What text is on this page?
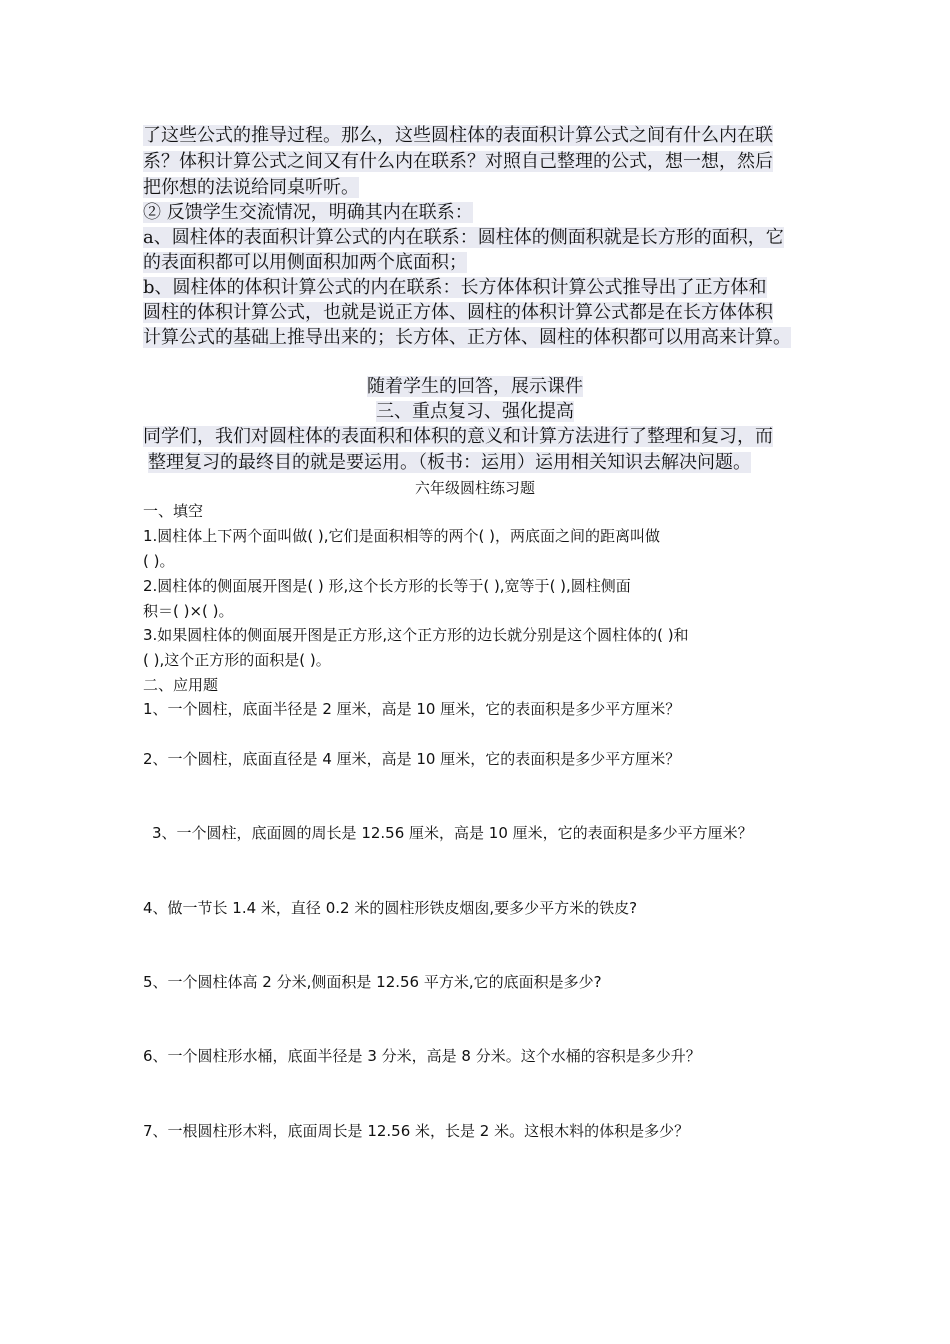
了这些公式的推导过程。那么，这些圆柱体的表面积计算公式之间有什么内在联
系？体积计算公式之间又有什么内在联系？对照自己整理的公式，想一想，然后
把你想的法说给同桌听听。
② 反馈学生交流情况，明确其内在联系：
a、圆柱体的表面积计算公式的内在联系：圆柱体的侧面积就是长方形的面积，它
的表面积都可以用侧面积加两个底面积；
b、圆柱体的体积计算公式的内在联系：长方体体积计算公式推导出了正方体和
圆柱的体积计算公式，也就是说正方体、圆柱的体积计算公式都是在长方体体积
计算公式的基础上推导出来的；长方体、正方体、圆柱的体积都可以用高来计算。
随着学生的回答，展示课件
三、重点复习、强化提高
同学们，我们对圆柱体的表面积和体积的意义和计算方法进行了整理和复习，而
整理复习的最终目的就是要运用。（板书：运用）运用相关知识去解决问题。
六年级圆柱练习题
一、填空
1.圆柱体上下两个面叫做( ),它们是面积相等的两个( )，两底面之间的距离叫做
( )。
2.圆柱体的侧面展开图是( ) 形,这个长方形的长等于( ),宽等于( ),圆柱侧面
积＝( )×( )。
3.如果圆柱体的侧面展开图是正方形,这个正方形的边长就分别是这个圆柱体的( )和
( ),这个正方形的面积是( )。
二、应用题
1、一个圆柱，底面半径是 2 厘米，高是 10 厘米，它的表面积是多少平方厘米？
2、一个圆柱，底面直径是 4 厘米，高是 10 厘米，它的表面积是多少平方厘米？
3、一个圆柱，底面圆的周长是 12.56 厘米，高是 10 厘米，它的表面积是多少平方厘米？
4、做一节长 1.4 米，直径 0.2 米的圆柱形铁皮烟囱,要多少平方米的铁皮?
5、一个圆柱体高 2 分米,侧面积是 12.56 平方米,它的底面积是多少?
6、一个圆柱形水桶，底面半径是 3 分米，高是 8 分米。这个水桶的容积是多少升？
7、一根圆柱形木料，底面周长是 12.56 米，长是 2 米。这根木料的体积是多少？
